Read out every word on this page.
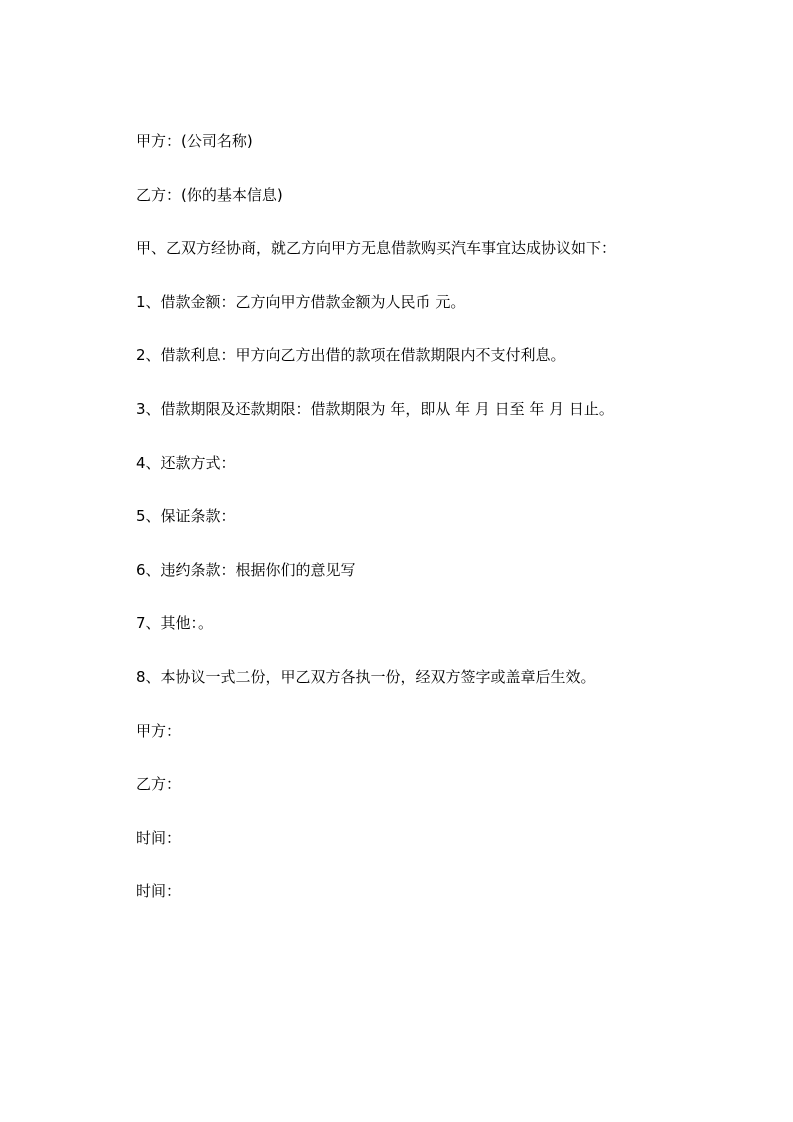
甲方：(公司名称)
乙方：(你的基本信息)
甲、乙双方经协商，就乙方向甲方无息借款购买汽车事宜达成协议如下：
1、借款金额：乙方向甲方借款金额为人民币 元。
2、借款利息：甲方向乙方出借的款项在借款期限内不支付利息。
3、借款期限及还款期限：借款期限为 年，即从 年 月 日至 年 月 日止。
4、还款方式：
5、保证条款：
6、违约条款：根据你们的意见写
7、其他：。
8、本协议一式二份，甲乙双方各执一份，经双方签字或盖章后生效。
甲方：
乙方：
时间：
时间：
